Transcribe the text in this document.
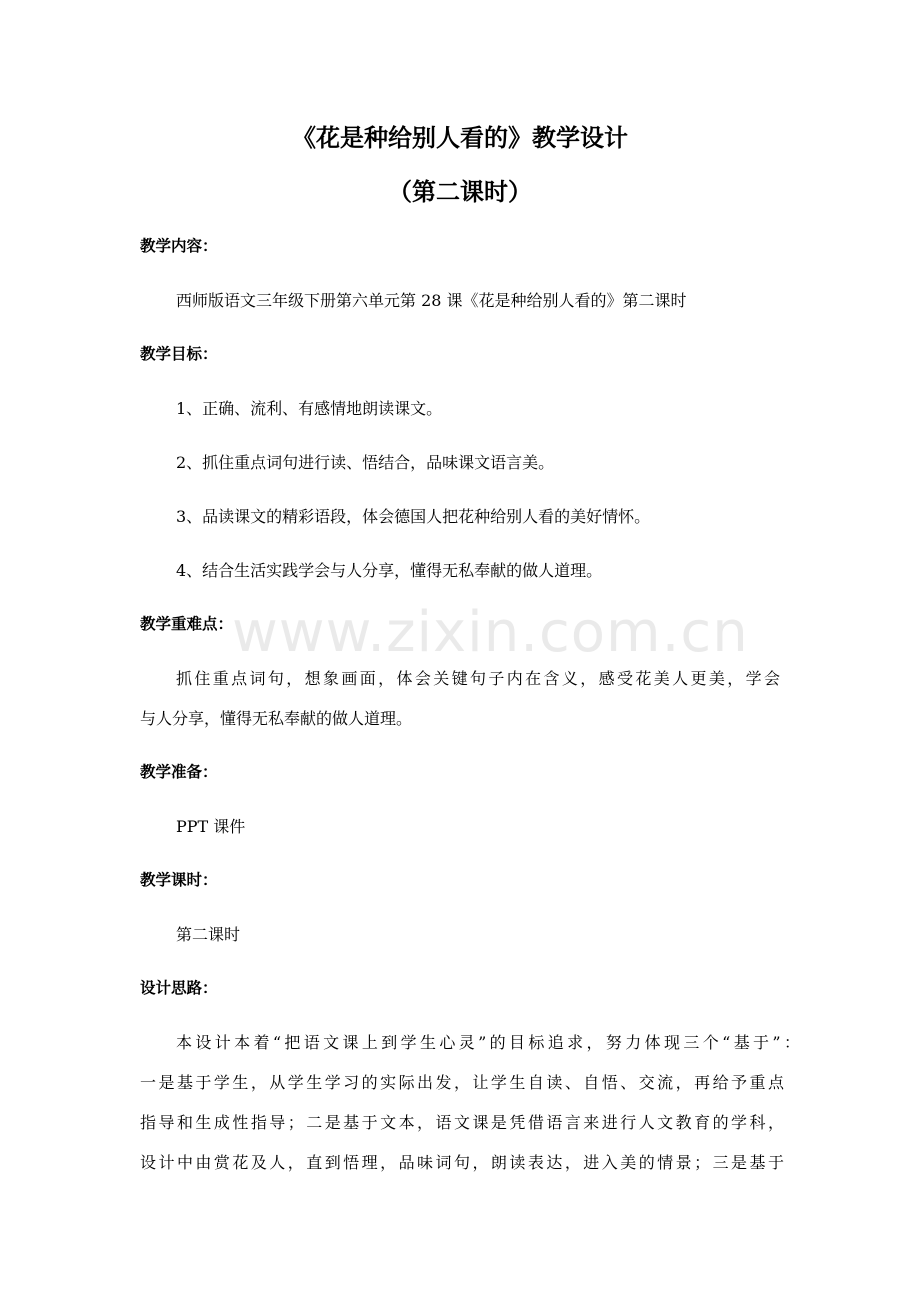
《花是种给别人看的》教学设计
（第二课时）
教学内容：
西师版语文三年级下册第六单元第 28 课《花是种给别人看的》第二课时
教学目标：
1、正确、流利、有感情地朗读课文。
2、抓住重点词句进行读、悟结合，品味课文语言美。
3、品读课文的精彩语段，体会德国人把花种给别人看的美好情怀。
4、结合生活实践学会与人分享，懂得无私奉献的做人道理。
教学重难点：
抓住重点词句，想象画面，体会关键句子内在含义，感受花美人更美，学会
与人分享，懂得无私奉献的做人道理。
教学准备：
PPT 课件
教学课时：
第二课时
设计思路：
本设计本着“把语文课上到学生心灵”的目标追求，努力体现三个“基于”：
一是基于学生，从学生学习的实际出发，让学生自读、自悟、交流，再给予重点
指导和生成性指导；二是基于文本，语文课是凭借语言来进行人文教育的学科，
设计中由赏花及人，直到悟理，品味词句，朗读表达，进入美的情景；三是基于
www.zixin.com.cn
